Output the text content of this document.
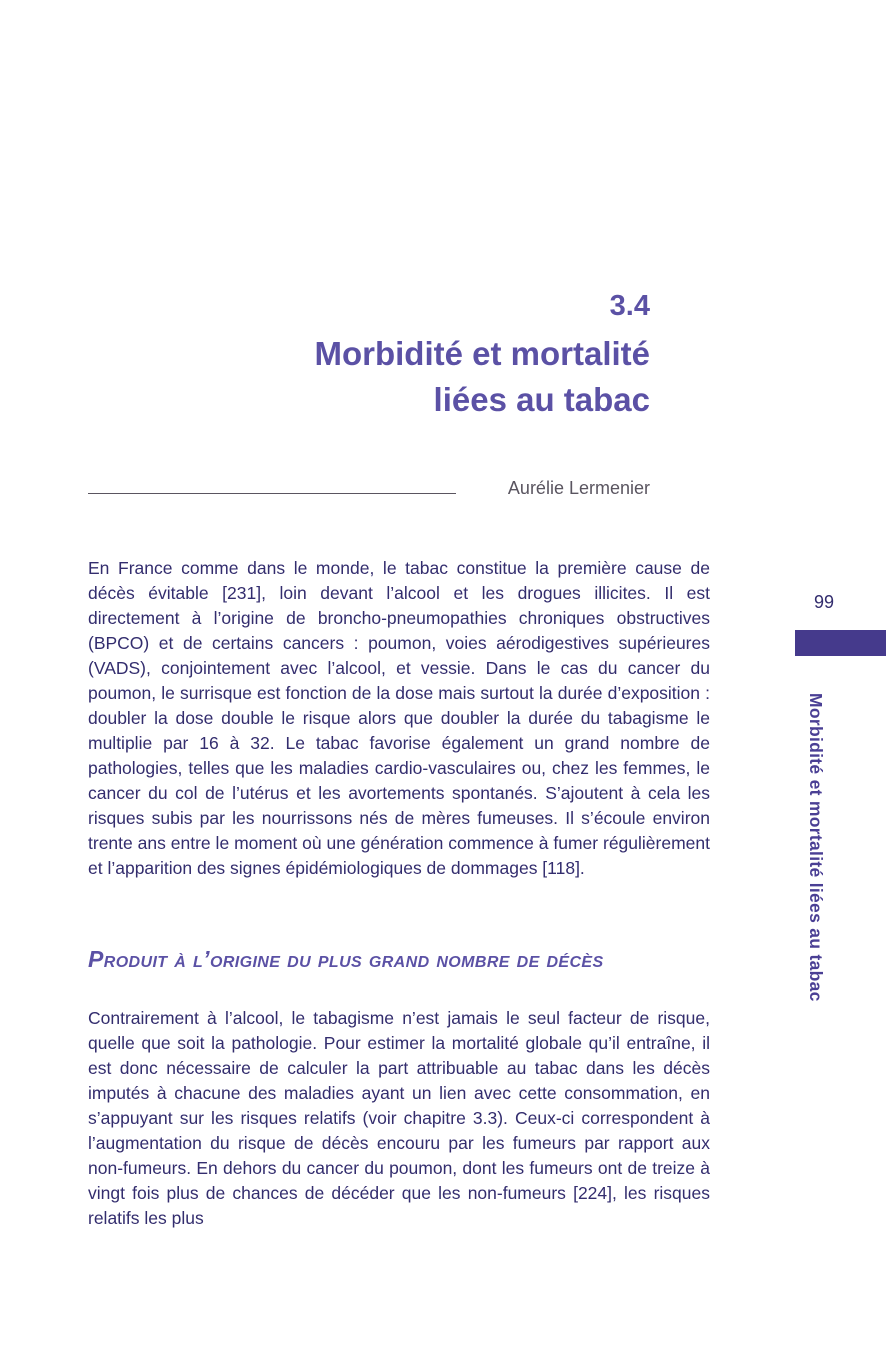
3.4
Morbidité et mortalité
liées au tabac
Aurélie Lermenier

En France comme dans le monde, le tabac constitue la première cause de décès évitable [231], loin devant l’alcool et les drogues illicites. Il est directement à l’origine de broncho-pneumopathies chroniques obstructives (BPCO) et de certains cancers : poumon, voies aérodigestives supérieures (VADS), conjointement avec l’alcool, et vessie. Dans le cas du cancer du poumon, le surrisque est fonction de la dose mais surtout la durée d’exposition : doubler la dose double le risque alors que doubler la durée du tabagisme le multiplie par 16 à 32. Le tabac favorise également un grand nombre de pathologies, telles que les maladies cardio-vasculaires ou, chez les femmes, le cancer du col de l’utérus et les avortements spontanés. S’ajoutent à cela les risques subis par les nourrissons nés de mères fumeuses. Il s’écoule environ trente ans entre le moment où une génération commence à fumer régulièrement et l’apparition des signes épidémiologiques de dommages [118].

Produit à l’origine du plus grand nombre de décès

Contrairement à l’alcool, le tabagisme n’est jamais le seul facteur de risque, quelle que soit la pathologie. Pour estimer la mortalité globale qu’il entraîne, il est donc nécessaire de calculer la part attribuable au tabac dans les décès imputés à chacune des maladies ayant un lien avec cette consommation, en s’appuyant sur les risques relatifs (voir chapitre 3.3). Ceux-ci correspondent à l’augmentation du risque de décès encouru par les fumeurs par rapport aux non-fumeurs. En dehors du cancer du poumon, dont les fumeurs ont de treize à vingt fois plus de chances de décéder que les non-fumeurs [224], les risques relatifs les plus

99
Morbidité et mortalité liées au tabac
